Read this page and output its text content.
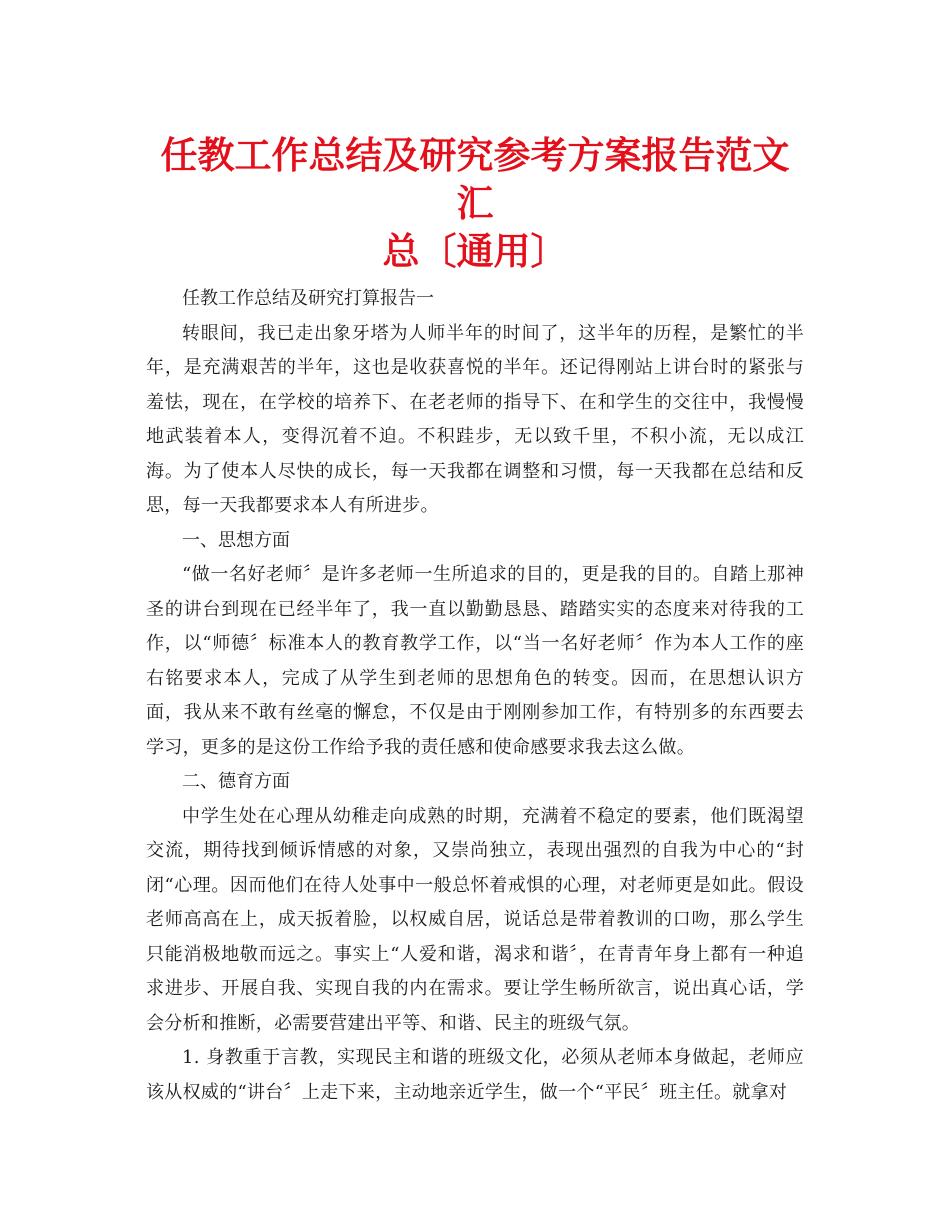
任教工作总结及研究参考方案报告范文汇
总〔通用〕

任教工作总结及研究打算报告一

转眼间，我已走出象牙塔为人师半年的时间了，这半年的历程，是繁忙的半年，是充满艰苦的半年，这也是收获喜悦的半年。还记得刚站上讲台时的紧张与羞怯，现在，在学校的培养下、在老老师的指导下、在和学生的交往中，我慢慢地武装着本人，变得沉着不迫。不积跬步，无以致千里，不积小流，无以成江海。为了使本人尽快的成长，每一天我都在调整和习惯，每一天我都在总结和反思，每一天我都要求本人有所进步。

一、思想方面

“做一名好老师〞是许多老师一生所追求的目的，更是我的目的。自踏上那神圣的讲台到现在已经半年了，我一直以勤勤恳恳、踏踏实实的态度来对待我的工作，以“师德〞标准本人的教育教学工作，以“当一名好老师〞作为本人工作的座右铭要求本人，完成了从学生到老师的思想角色的转变。因而，在思想认识方面，我从来不敢有丝毫的懈怠，不仅是由于刚刚参加工作，有特别多的东西要去学习，更多的是这份工作给予我的责任感和使命感要求我去这么做。

二、德育方面

中学生处在心理从幼稚走向成熟的时期，充满着不稳定的要素，他们既渴望交流，期待找到倾诉情感的对象，又崇尚独立，表现出强烈的自我为中心的“封闭“心理。因而他们在待人处事中一般总怀着戒惧的心理，对老师更是如此。假设老师高高在上，成天扳着脸，以权威自居，说话总是带着教训的口吻，那么学生只能消极地敬而远之。事实上“人爱和谐，渴求和谐〞，在青青年身上都有一种追求进步、开展自我、实现自我的内在需求。要让学生畅所欲言，说出真心话，学会分析和推断，必需要营建出平等、和谐、民主的班级气氛。

1. 身教重于言教，实现民主和谐的班级文化，必须从老师本身做起，老师应该从权威的“讲台〞上走下来，主动地亲近学生，做一个“平民〞班主任。就拿对
